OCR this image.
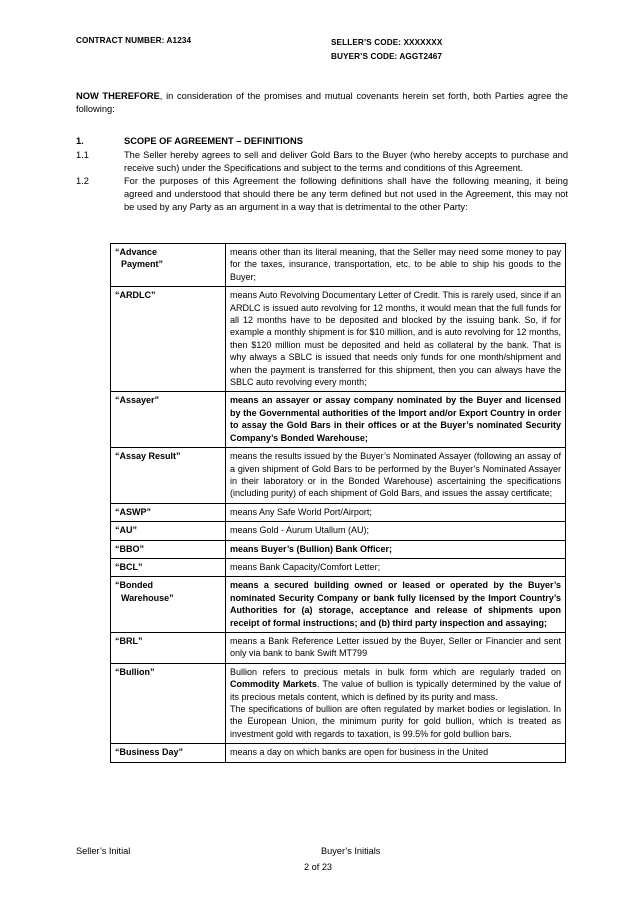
CONTRACT NUMBER: A1234	SELLER’S CODE: XXXXXXX
BUYER’S CODE: AGGT2467

NOW THEREFORE, in consideration of the promises and mutual covenants herein set forth, both Parties agree the following:

1.	SCOPE OF AGREEMENT – DEFINITIONS
1.1	The Seller hereby agrees to sell and deliver Gold Bars to the Buyer (who hereby accepts to purchase and receive such) under the Specifications and subject to the terms and conditions of this Agreement.
1.2	For the purposes of this Agreement the following definitions shall have the following meaning, it being agreed and understood that should there be any term defined but not used in the Agreement, this may not be used by any Party as an argument in a way that is detrimental to the other Party:
“Advance
Payment”	means other than its literal meaning, that the Seller may need some money to pay for the taxes, insurance, transportation, etc. to be able to ship his goods to the Buyer;

“ARDLC”	means Auto Revolving Documentary Letter of Credit. This is rarely used, since if an ARDLC is issued auto revolving for 12 months, it would mean that the full funds for all 12 months have to be deposited and blocked by the issuing bank. So, if for example a monthly shipment is for $10 million, and is auto revolving for 12 months, then $120 million must be deposited and held as collateral by the bank. That is why always a SBLC is issued that needs only funds for one month/shipment and when the payment is transferred for this shipment, then you can always have the SBLC auto revolving every month;

“Assayer”	means an assayer or assay company nominated by the Buyer and licensed by the Governmental authorities of the Import and/or Export Country in order to assay the Gold Bars in their offices or at the Buyer’s nominated Security Company’s Bonded Warehouse;

“Assay Result”	means the results issued by the Buyer’s Nominated Assayer (following an assay of a given shipment of Gold Bars to be performed by the Buyer’s Nominated Assayer in their laboratory or in the Bonded Warehouse) ascertaining the specifications (including purity) of each shipment of Gold Bars, and issues the assay certificate;

“ASWP”	means Any Safe World Port/Airport;

“AU”	means Gold - Aurum Utallum (AU);

“BBO”	means Buyer’s (Bullion) Bank Officer;

“BCL”	means Bank Capacity/Comfort Letter;

“Bonded
Warehouse”	means a secured building owned or leased or operated by the Buyer’s nominated Security Company or bank fully licensed by the Import Country’s Authorities for (a) storage, acceptance and release of shipments upon receipt of formal instructions; and (b) third party inspection and assaying;

“BRL”	means a Bank Reference Letter issued by the Buyer, Seller or Financier and sent only via bank to bank Swift MT799

“Bullion”	Bullion refers to precious metals in bulk form which are regularly traded on Commodity Markets. The value of bullion is typically determined by the value of its precious metals content, which is defined by its purity and mass.

The specifications of bullion are often regulated by market bodies or legislation. In the European Union, the minimum purity for gold bullion, which is treated as investment gold with regards to taxation, is 99.5% for gold bullion bars.

“Business Day”	means a day on which banks are open for business in the United

Seller’s Initial	Buyer’s Initials
2 of 23
